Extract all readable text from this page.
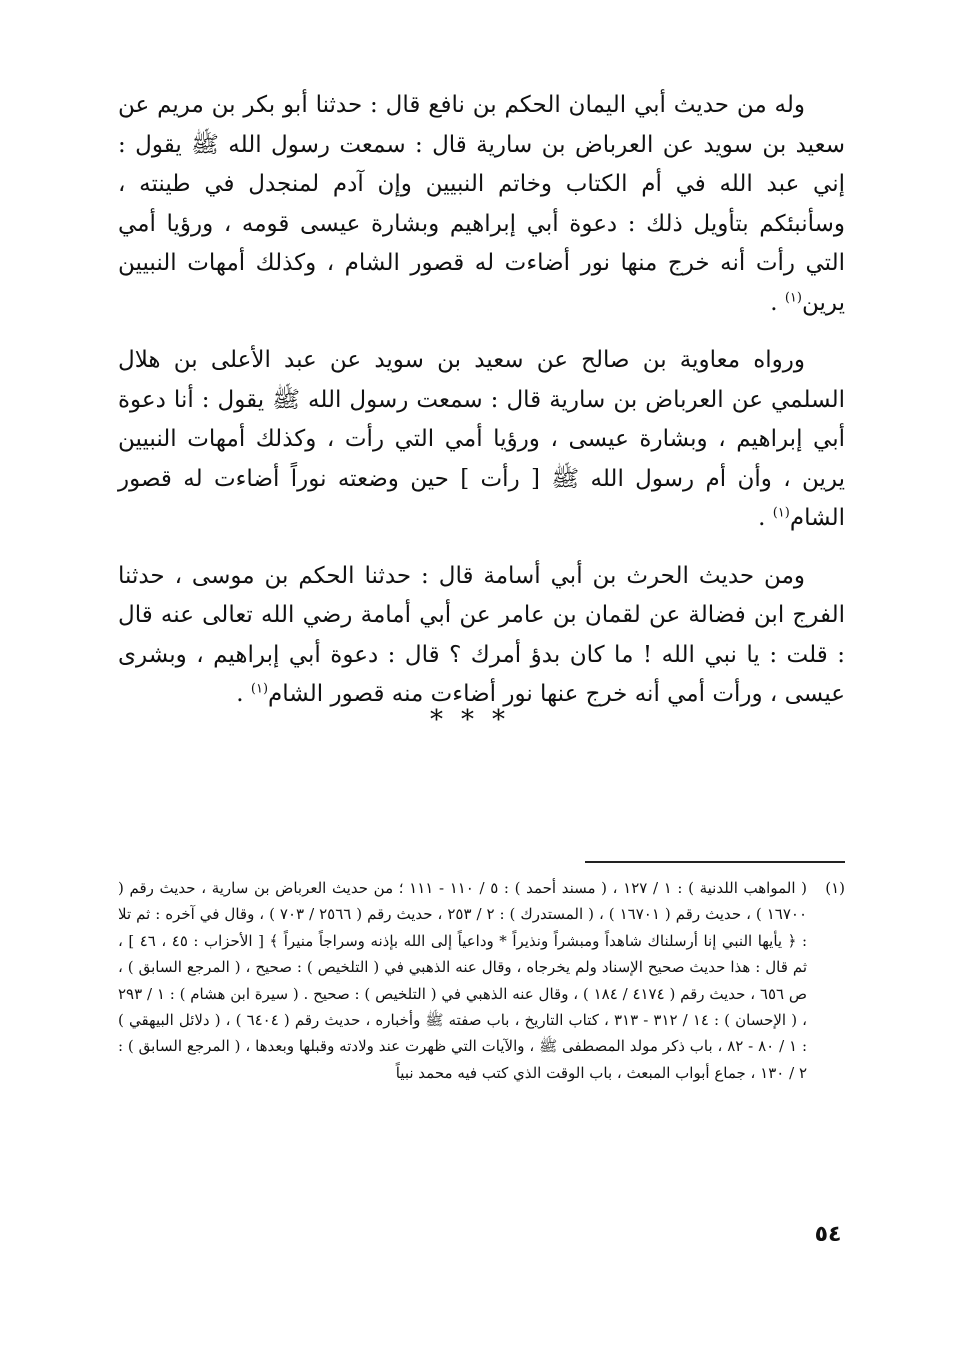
وله من حديث أبي اليمان الحكم بن نافع قال : حدثنا أبو بكر بن مريم عن سعيد بن سويد عن العرباض بن سارية قال : سمعت رسول الله ﷺ يقول : إني عبد الله في أم الكتاب وخاتم النبيين وإن آدم لمنجدل في طينته ، وسأنبئكم بتأويل ذلك : دعوة أبي إبراهيم وبشارة عيسى قومه ، ورؤيا أمي التي رأت أنه خرج منها نور أضاءت له قصور الشام ، وكذلك أمهات النبيين يرين$^{(١)}$ .

ورواه معاوية بن صالح عن سعيد بن سويد عن عبد الأعلى بن هلال السلمي عن العرباض بن سارية قال : سمعت رسول الله ﷺ يقول : أنا دعوة أبي إبراهيم ، وبشارة عيسى ، ورؤيا أمي التي رأت ، وكذلك أمهات النبيين يرين ، وأن أم رسول الله ﷺ [ رأت ] حين وضعته نوراً أضاءت له قصور الشام$^{(١)}$ .

ومن حديث الحرث بن أبي أسامة قال : حدثنا الحكم بن موسى ، حدثنا الفرج ابن فضالة عن لقمان بن عامر عن أبي أمامة رضي الله تعالى عنه قال : قلت : يا نبي الله ! ما كان بدؤ أمرك ؟ قال : دعوة أبي إبراهيم ، وبشرى عيسى ، ورأت أمي أنه خرج عنها نور أضاءت منه قصور الشام$^{(١)}$ .

***
(١)
( المواهب اللدنية ) : ١ / ١٢٧ ، ( مسند أحمد ) : ٥ / ١١٠ - ١١١ ؛ من حديث العرباض بن سارية ، حديث رقم ( ١٦٧٠٠ ) ، حديث رقم ( ١٦٧٠١ ) ، ( المستدرك ) : ٢ / ٢٥٣ ، حديث رقم ( ٢٥٦٦ / ٧٠٣ ) ، وقال في آخره : ثم تلا : ﴿ يأيها النبي إنا أرسلناك شاهداً ومبشراً ونذيراً * وداعياً إلى الله بإذنه وسراجاً منيراً ﴾ [ الأحزاب : ٤٥ ، ٤٦ ] ، ثم قال : هذا حديث صحيح الإسناد ولم يخرجاه ، وقال عنه الذهبي في ( التلخيص ) : صحيح ، ( المرجع السابق ) ، ص ٦٥٦ ، حديث رقم ( ٤١٧٤ / ١٨٤ ) ، وقال عنه الذهبي في ( التلخيص ) : صحيح . ( سيرة ابن هشام ) : ١ / ٢٩٣ ، ( الإحسان ) : ١٤ / ٣١٢ - ٣١٣ ، كتاب التاريخ ، باب صفته ﷺ وأخباره ، حديث رقم ( ٦٤٠٤ ) ، ( دلائل البيهقي ) : ١ / ٨٠ - ٨٢ ، باب ذكر مولد المصطفى ﷺ ، والآيات التي ظهرت عند ولادته وقبلها وبعدها ، ( المرجع السابق ) : ٢ / ١٣٠ ، جماع أبواب المبعث ، باب الوقت الذي كتب فيه محمد نبياً
٥٤
